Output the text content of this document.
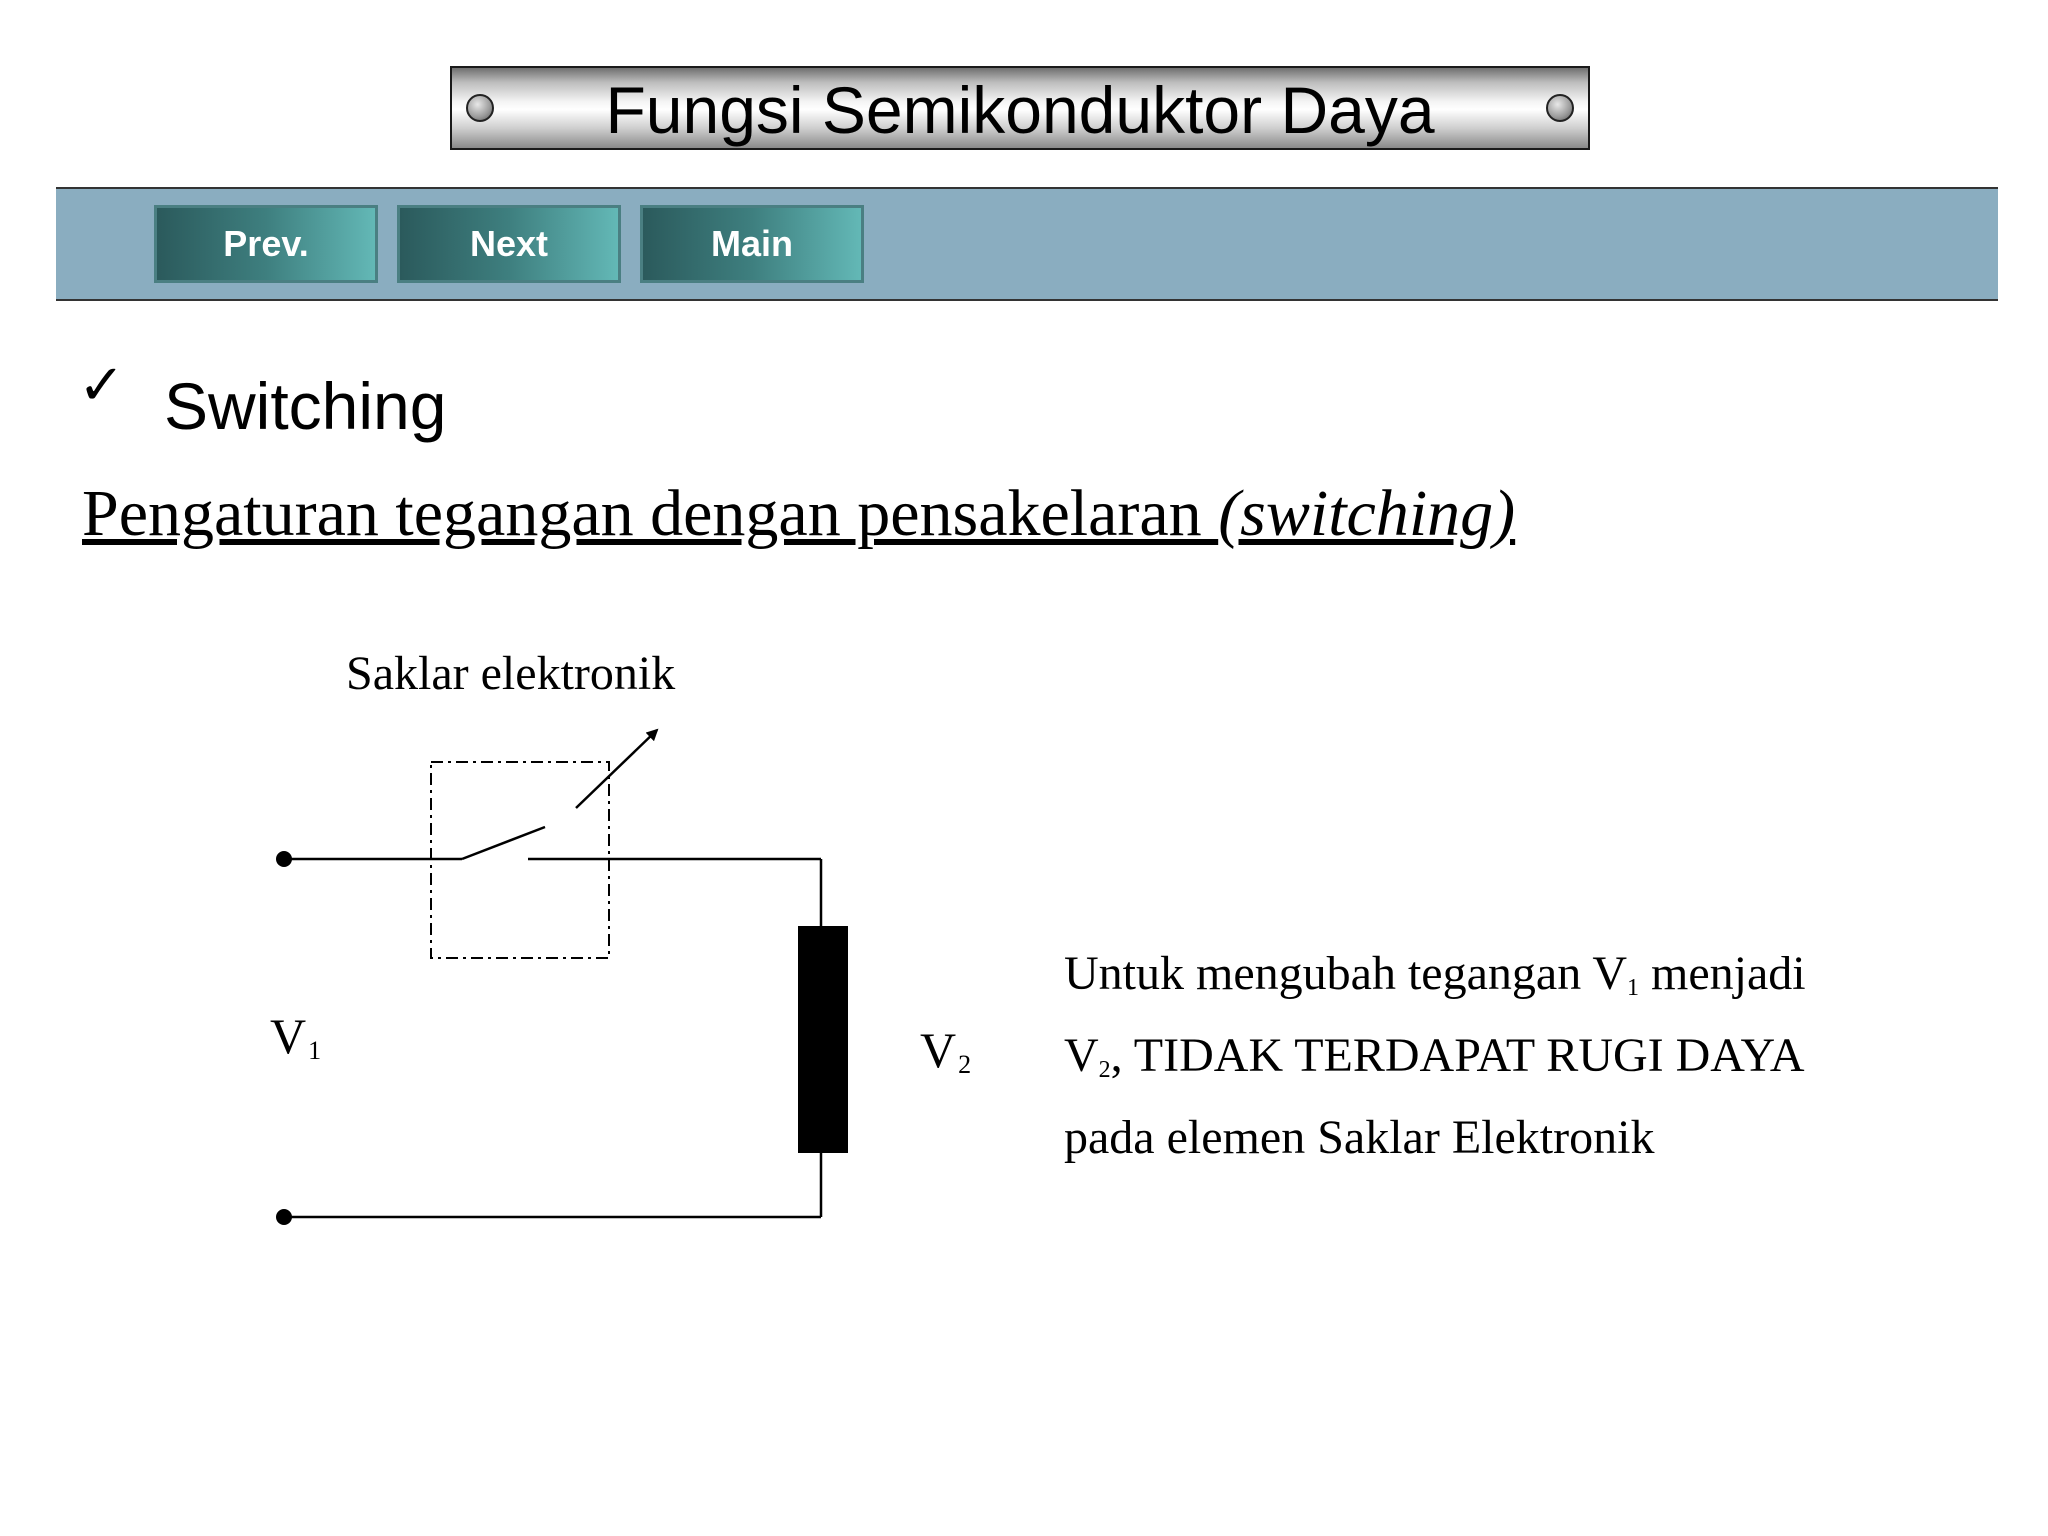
Fungsi Semikonduktor Daya
Prev.	Next	Main
✓ Switching
Pengaturan tegangan dengan pensakelaran (switching)
Saklar elektronik
$V_1$	$V_2$
Untuk mengubah tegangan $V_1$ menjadi
$V_2$, TIDAK TERDAPAT RUGI DAYA
pada elemen Saklar Elektronik
